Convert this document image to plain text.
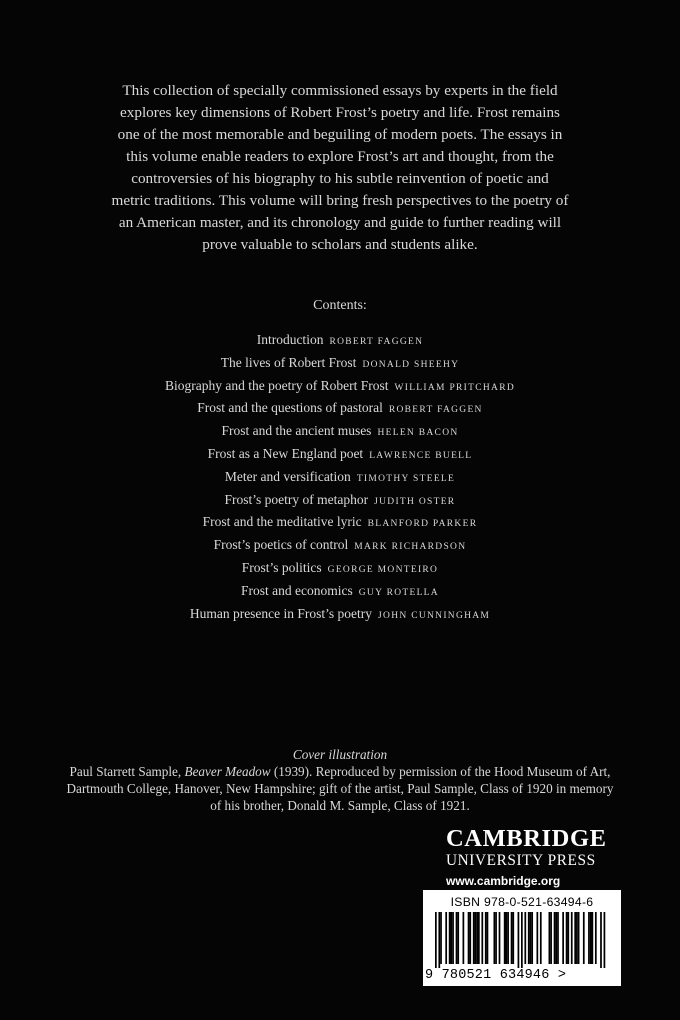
This collection of specially commissioned essays by experts in the field explores key dimensions of Robert Frost’s poetry and life. Frost remains one of the most memorable and beguiling of modern poets. The essays in this volume enable readers to explore Frost’s art and thought, from the controversies of his biography to his subtle reinvention of poetic and metric traditions. This volume will bring fresh perspectives to the poetry of an American master, and its chronology and guide to further reading will prove valuable to scholars and students alike.
Contents:
Introduction ROBERT FAGGEN
The lives of Robert Frost DONALD SHEEHY
Biography and the poetry of Robert Frost WILLIAM PRITCHARD
Frost and the questions of pastoral ROBERT FAGGEN
Frost and the ancient muses HELEN BACON
Frost as a New England poet LAWRENCE BUELL
Meter and versification TIMOTHY STEELE
Frost’s poetry of metaphor JUDITH OSTER
Frost and the meditative lyric BLANFORD PARKER
Frost’s poetics of control MARK RICHARDSON
Frost’s politics GEORGE MONTEIRO
Frost and economics GUY ROTELLA
Human presence in Frost’s poetry JOHN CUNNINGHAM
Cover illustration
Paul Starrett Sample, Beaver Meadow (1939). Reproduced by permission of the Hood Museum of Art, Dartmouth College, Hanover, New Hampshire; gift of the artist, Paul Sample, Class of 1920 in memory of his brother, Donald M. Sample, Class of 1921.
CAMBRIDGE
UNIVERSITY PRESS
www.cambridge.org
ISBN 978-0-521-63494-6
9 780521 634946 >
